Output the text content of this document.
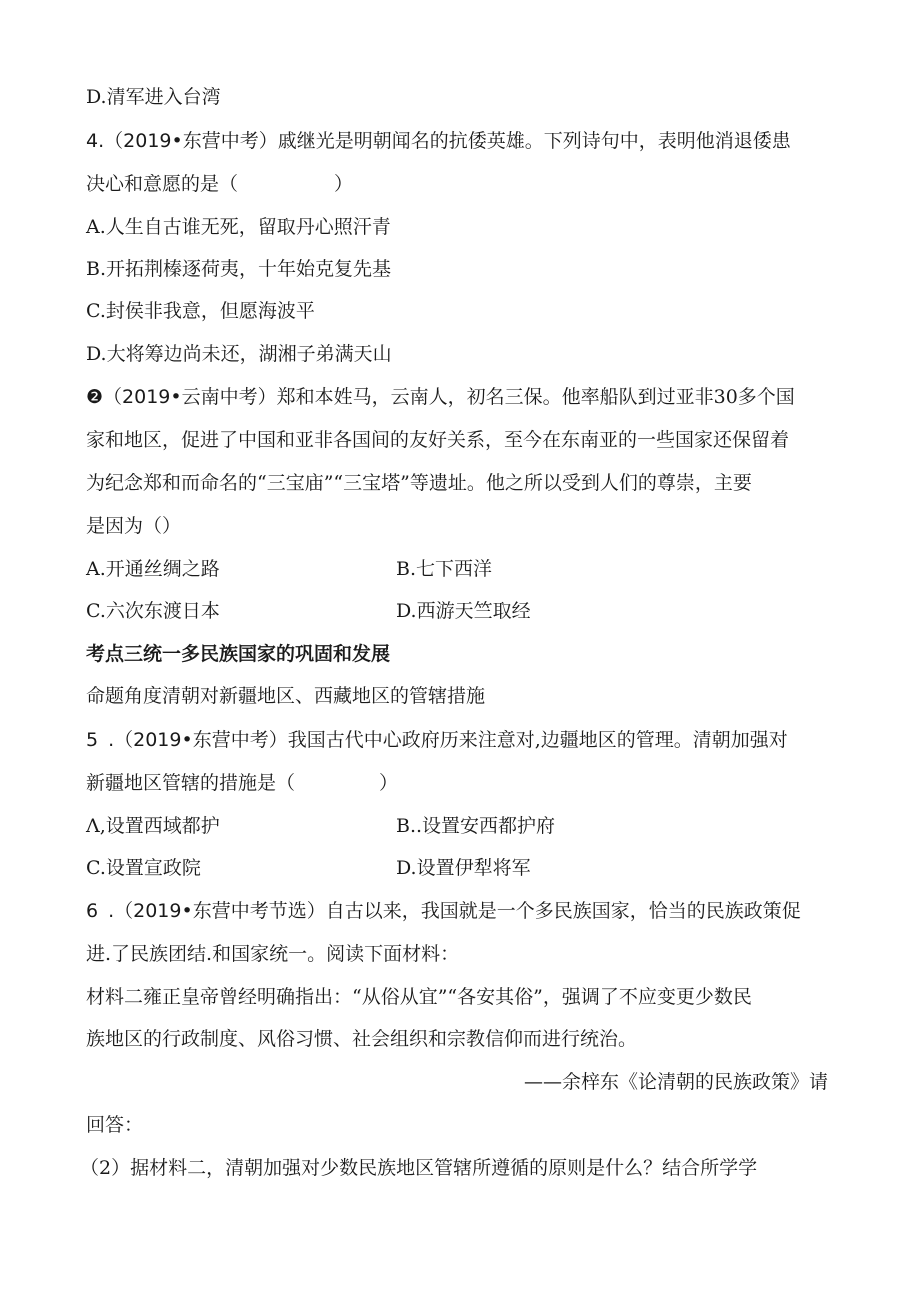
D.清军进入台湾
4.（2019•东营中考）戚继光是明朝闻名的抗倭英雄。下列诗句中，表明他消退倭患
决心和意愿的是（	）
A.人生自古谁无死，留取丹心照汗青
B.开拓荆榛逐荷夷，十年始克复先基
C.封侯非我意，但愿海波平
D.大将筹边尚未还，湖湘子弟满天山
❷（2019•云南中考）郑和本姓马，云南人，初名三保。他率船队到过亚非30多个国
家和地区，促进了中国和亚非各国间的友好关系，至今在东南亚的一些国家还保留着
为纪念郑和而命名的“三宝庙”“三宝塔”等遗址。他之所以受到人们的尊崇，主要
是因为（）
A.开通丝绸之路	B.七下西洋
C.六次东渡日本	D.西游天竺取经
考点三统一多民族国家的巩固和发展
命题角度清朝对新疆地区、西藏地区的管辖措施
5 .（2019•东营中考）我国古代中心政府历来注意对,边疆地区的管理。清朝加强对
新疆地区管辖的措施是（	）
Λ,设置西域都护	B..设置安西都护府
C.设置宣政院	D.设置伊犁将军
6 .（2019•东营中考节选）自古以来，我国就是一个多民族国家，恰当的民族政策促
进.了民族团结.和国家统一。阅读下面材料：
材料二雍正皇帝曾经明确指出：“从俗从宜”“各安其俗”，强调了不应变更少数民
族地区的行政制度、风俗习惯、社会组织和宗教信仰而进行统治。
——余梓东《论清朝的民族政策》请
回答：
（2）据材料二，清朝加强对少数民族地区管辖所遵循的原则是什么？结合所学学
